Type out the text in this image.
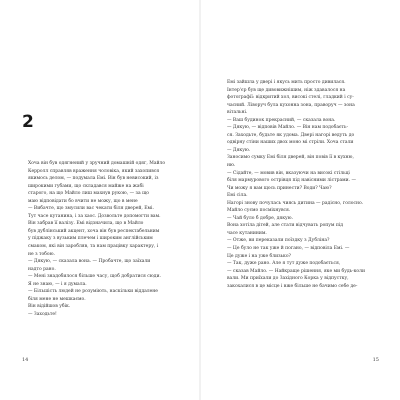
2

Хоча він був одягнений у зручний домашній одяг, Майло

Керролл справляв враження чоловіка, який захопився

якимось делом, — подумала Емі. Він був невисокий, із

широкими губами, що складався майже на жабі

старого, на що Майло лиш махнув рукою, — за що

маю відповідати бо вчити не можу, що в мене

— Вибачте, що змусили вас чекати біля дверей, Емі.

Тут часе кутанина, і за хаос. Дозвольте допомогти вам.

Він забрав її валізу. Емі відзначила, що в Майло

був дублінський акцент, хоча він був респектабельним

у піджаку з вузьким плечем і широким англійським

смаком, які він заробляв, та нам працівку характеру, і

не з тобою.

— Дякую, — сказала вона. — Пробачте, що заїхали

надто рано.

— Мені знадобилося більше часу, щоб добратися сюди.

Я не знаю, — і я думала.

— Більшість людей не розуміють, наскільки віддалене

біля мене не мешкаємо.

Він відійшов убік.

— Заходьте!

14

Емі зайшла у двері і якусь мить просто дивилася.

Інтер'єр був ще дивовижнішим, ніж здавалося на

фотографії: відкритий хол, високі стелі, гладкий і су-

часний. Ліворуч була кухонна зона, праворуч — зона

вітальні.

— Ваш будинок прекрасний, — сказала вона.

— Дякую, — відповів Майло. — Він нам подобаєть-

ся. Заходьте, будьте як удома. Двері нагорі ведуть до

одвірну стіни наших двох моно мі стріли. Хоча стали

— Дякую.

Заносимо сумку Емі біля дверей, він повів її в кухню,

ню.

— Сідайте, — мовив він, вказуючи на високі стільці

біля мармурового острівця під навісними лістрами. —

Чи можу я вам щось принести? Води? Чаю?

Емі сіла.

Нагорі знову почулась чиясь дитина — радісно, голосно.

Майло суємо посміхнувся.

— Чай було б добре, дякую.

Вона хотіла дітей, але стати відчувать ропум під

часе кутаниним.

— Отже, ви переказали поїздку з Дубліна?

— Це було не так уже й погано, — відповіла Емі. —

Це дуже і на уже близько?

— Так, дуже рано. Але я тут дуже подобається,

— сказав Майло. — Найкраще рішення, яке ми будь-коли

вали. Ми приїхали до Західного Корка у відпустку,

закохалися в це місце і вже більше не бачимо себе де-

15
